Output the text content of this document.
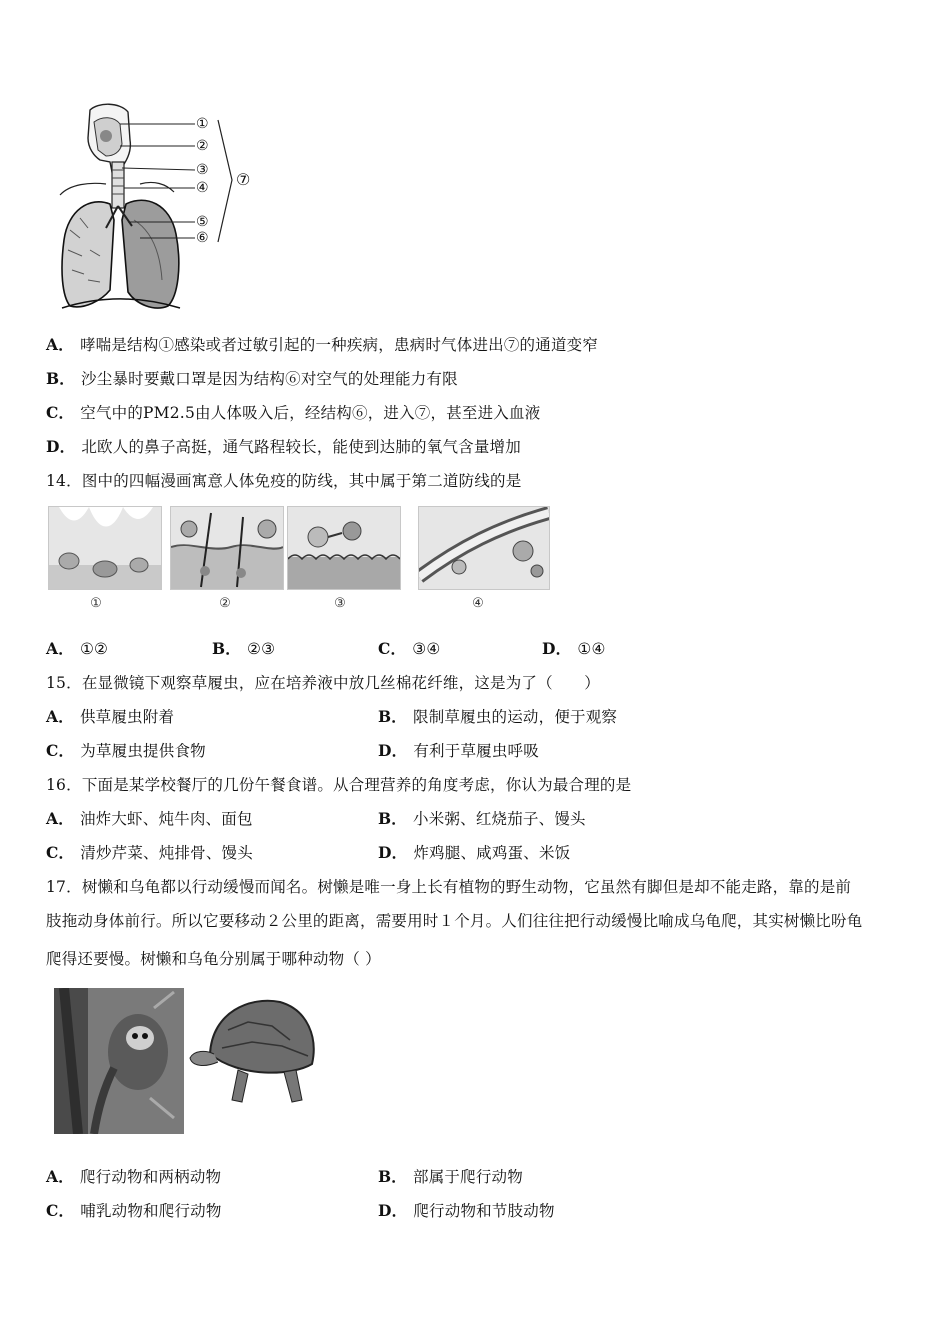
①
②
③
④
⑤
⑥
⑦
A． 哮喘是结构①感染或者过敏引起的一种疾病，患病时气体进出⑦的通道变窄
B． 沙尘暴时要戴口罩是因为结构⑥对空气的处理能力有限
C． 空气中的PM2.5由人体吸入后，经结构⑥，进入⑦，甚至进入血液
D． 北欧人的鼻子高挺，通气路程较长，能使到达肺的氧气含量增加
14．图中的四幅漫画寓意人体免疫的防线，其中属于第二道防线的是
①	②	③	④
A． ①②	B． ②③	C． ③④	D． ①④
15．在显微镜下观察草履虫，应在培养液中放几丝棉花纤维，这是为了（　　）
A． 供草履虫附着	B． 限制草履虫的运动，便于观察
C． 为草履虫提供食物	D． 有利于草履虫呼吸
16．下面是某学校餐厅的几份午餐食谱。从合理营养的角度考虑，你认为最合理的是
A． 油炸大虾、炖牛肉、面包	B． 小米粥、红烧茄子、馒头
C． 清炒芹菜、炖排骨、馒头	D． 炸鸡腿、咸鸡蛋、米饭
17．树懒和乌龟都以行动缓慢而闻名。树懒是唯一身上长有植物的野生动物，它虽然有脚但是却不能走路，靠的是前
肢拖动身体前行。所以它要移动２公里的距离，需要用时１个月。人们往往把行动缓慢比喻成乌龟爬，其实树懒比吩龟
爬得还要慢。树懒和乌龟分别属于哪种动物（ ）
A． 爬行动物和两柄动物	B． 部属于爬行动物
C． 哺乳动物和爬行动物	D． 爬行动物和节肢动物
